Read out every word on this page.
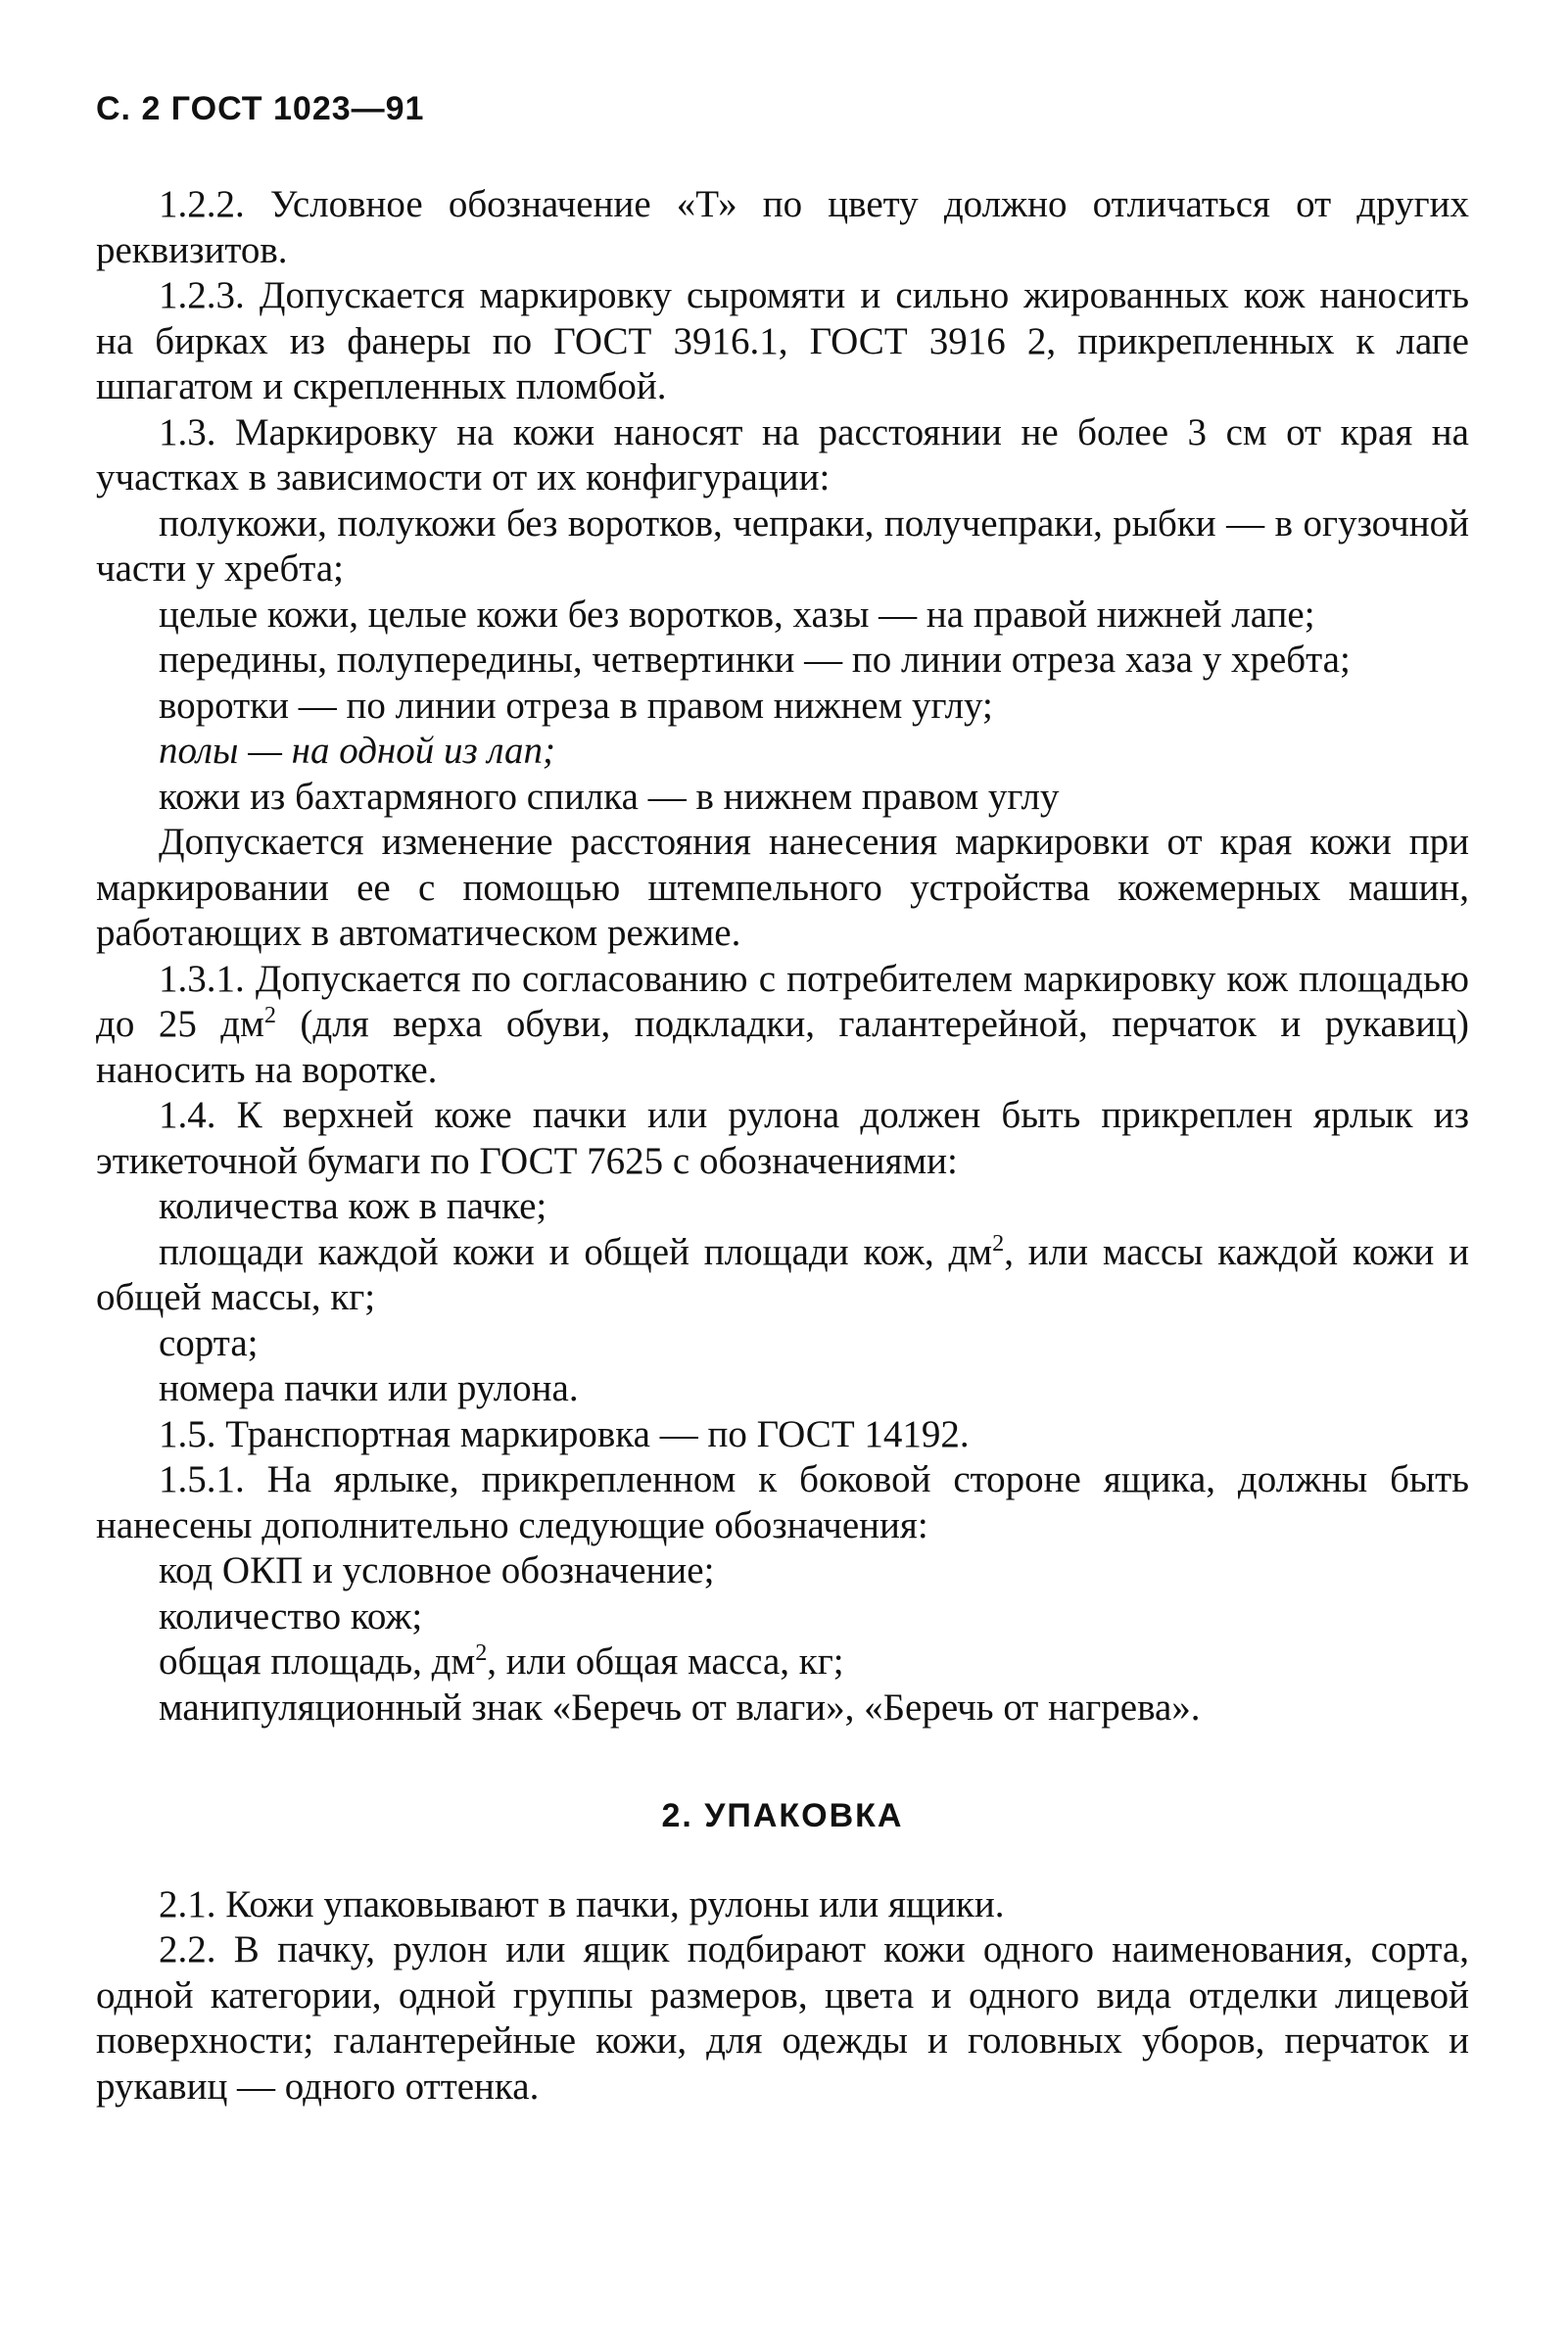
С. 2 ГОСТ 1023—91

1.2.2. Условное обозначение «Т» по цвету должно отличаться от других реквизитов.

1.2.3. Допускается маркировку сыромяти и сильно жированных кож наносить на бирках из фанеры по ГОСТ 3916.1, ГОСТ 3916 2, прикрепленных к лапе шпагатом и скрепленных пломбой.

1.3. Маркировку на кожи наносят на расстоянии не более 3 см от края на участках в зависимости от их конфигурации:

полукожи, полукожи без воротков, чепраки, получепраки, рыбки — в огузочной части у хребта;

целые кожи, целые кожи без воротков, хазы — на правой нижней лапе;

передины, полупередины, четвертинки — по линии отреза хаза у хребта;

воротки — по линии отреза в правом нижнем углу;

полы — на одной из лап;

кожи из бахтармяного спилка — в нижнем правом углу

Допускается изменение расстояния нанесения маркировки от края кожи при маркировании ее с помощью штемпельного устройства кожемерных машин, работающих в автоматическом режиме.

1.3.1. Допускается по согласованию с потребителем маркировку кож площадью до 25 $дм^2$ (для верха обуви, подкладки, галантерейной, перчаток и рукавиц) наносить на воротке.

1.4. К верхней коже пачки или рулона должен быть прикреплен ярлык из этикеточной бумаги по ГОСТ 7625 с обозначениями:

количества кож в пачке;

площади каждой кожи и общей площади кож, $дм^2$, или массы каждой кожи и общей массы, кг;

сорта;

номера пачки или рулона.

1.5. Транспортная маркировка — по ГОСТ 14192.

1.5.1. На ярлыке, прикрепленном к боковой стороне ящика, должны быть нанесены дополнительно следующие обозначения:

код ОКП и условное обозначение;

количество кож;

общая площадь, $дм^2$, или общая масса, кг;

манипуляционный знак «Беречь от влаги», «Беречь от нагрева».

2. УПАКОВКА

2.1. Кожи упаковывают в пачки, рулоны или ящики.

2.2. В пачку, рулон или ящик подбирают кожи одного наименования, сорта, одной категории, одной группы размеров, цвета и одного вида отделки лицевой поверхности; галантерейные кожи, для одежды и головных уборов, перчаток и рукавиц — одного оттенка.
